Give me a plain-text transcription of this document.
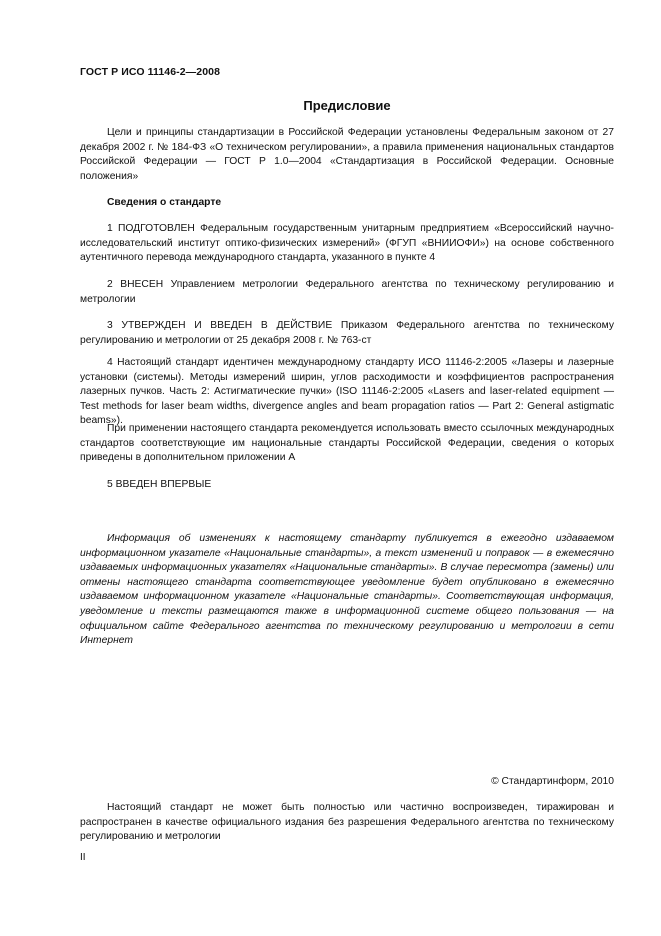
ГОСТ Р ИСО 11146-2—2008
Предисловие

Цели и принципы стандартизации в Российской Федерации установлены Федеральным законом от 27 декабря 2002 г. № 184-ФЗ «О техническом регулировании», а правила применения национальных стандартов Российской Федерации — ГОСТ Р 1.0—2004 «Стандартизация в Российской Федерации. Основные положения»

Сведения о стандарте

1 ПОДГОТОВЛЕН Федеральным государственным унитарным предприятием «Всероссийский научно-исследовательский институт оптико-физических измерений» (ФГУП «ВНИИОФИ») на основе собственного аутентичного перевода международного стандарта, указанного в пункте 4

2 ВНЕСЕН Управлением метрологии Федерального агентства по техническому регулированию и метрологии

3 УТВЕРЖДЕН И ВВЕДЕН В ДЕЙСТВИЕ Приказом Федерального агентства по техническому регулированию и метрологии от 25 декабря 2008 г. № 763-ст

4 Настоящий стандарт идентичен международному стандарту ИСО 11146-2:2005 «Лазеры и лазерные установки (системы). Методы измерений ширин, углов расходимости и коэффициентов распространения лазерных пучков. Часть 2: Астигматические пучки» (ISO 11146-2:2005 «Lasers and laser-related equipment — Test methods for laser beam widths, divergence angles and beam propagation ratios — Part 2: General astigmatic beams»).

При применении настоящего стандарта рекомендуется использовать вместо ссылочных международных стандартов соответствующие им национальные стандарты Российской Федерации, сведения о которых приведены в дополнительном приложении А

5 ВВЕДЕН ВПЕРВЫЕ

Информация об изменениях к настоящему стандарту публикуется в ежегодно издаваемом информационном указателе «Национальные стандарты», а текст изменений и поправок — в ежемесячно издаваемых информационных указателях «Национальные стандарты». В случае пересмотра (замены) или отмены настоящего стандарта соответствующее уведомление будет опубликовано в ежемесячно издаваемом информационном указателе «Национальные стандарты». Соответствующая информация, уведомление и тексты размещаются также в информационной системе общего пользования — на официальном сайте Федерального агентства по техническому регулированию и метрологии в сети Интернет

© Стандартинформ, 2010

Настоящий стандарт не может быть полностью или частично воспроизведен, тиражирован и распространен в качестве официального издания без разрешения Федерального агентства по техническому регулированию и метрологии

II
